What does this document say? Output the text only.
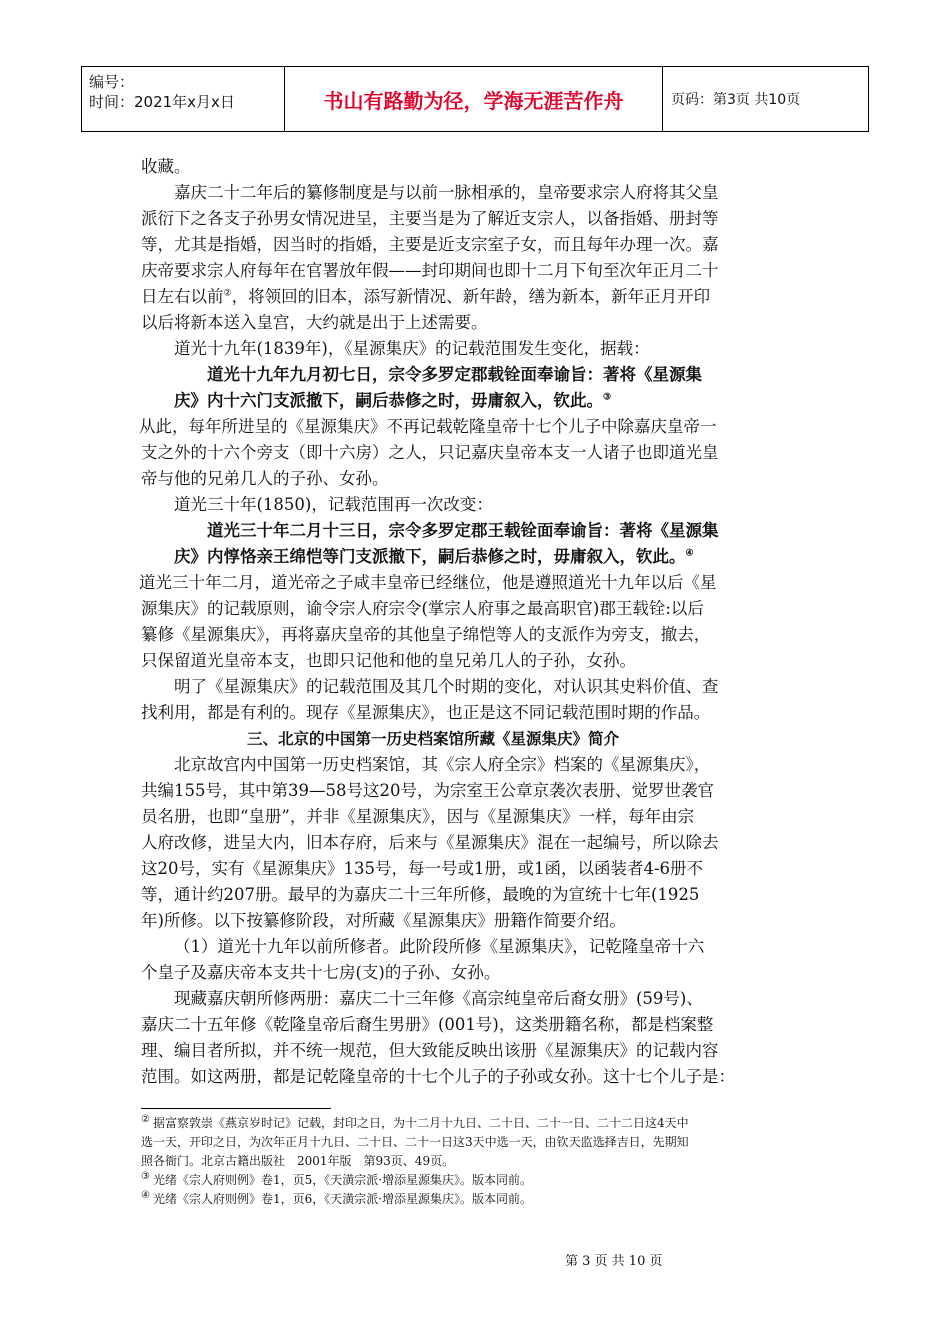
编号：
时间：2021年x月x日	书山有路勤为径，学海无涯苦作舟	页码：第3页 共10页
收藏。
嘉庆二十二年后的纂修制度是与以前一脉相承的，皇帝要求宗人府将其父皇
派衍下之各支子孙男女情况进呈，主要当是为了解近支宗人，以备指婚、册封等
等，尤其是指婚，因当时的指婚，主要是近支宗室子女，而且每年办理一次。嘉
庆帝要求宗人府每年在官署放年假——封印期间也即十二月下旬至次年正月二十
日左右以前②，将领回的旧本，添写新情况、新年龄，缮为新本，新年正月开印
以后将新本送入皇宫，大约就是出于上述需要。
道光十九年(1839年)，《星源集庆》的记载范围发生变化，据载：
道光十九年九月初七日，宗令多罗定郡载铨面奉谕旨：著将《星源集
庆》内十六门支派撤下，嗣后恭修之时，毋庸叙入，钦此。③
从此，每年所进呈的《星源集庆》不再记载乾隆皇帝十七个儿子中除嘉庆皇帝一
支之外的十六个旁支（即十六房）之人，只记嘉庆皇帝本支一人诸子也即道光皇
帝与他的兄弟几人的子孙、女孙。
道光三十年(1850)，记载范围再一次改变：
道光三十年二月十三日，宗令多罗定郡王载铨面奉谕旨：著将《星源集
庆》内惇恪亲王绵恺等门支派撤下，嗣后恭修之时，毋庸叙入，钦此。④
道光三十年二月，道光帝之子咸丰皇帝已经继位，他是遵照道光十九年以后《星
源集庆》的记载原则，谕令宗人府宗令(掌宗人府事之最高职官)郡王载铨:以后
纂修《星源集庆》，再将嘉庆皇帝的其他皇子绵恺等人的支派作为旁支，撤去，
只保留道光皇帝本支，也即只记他和他的皇兄弟几人的子孙，女孙。
明了《星源集庆》的记载范围及其几个时期的变化，对认识其史料价值、查
找利用，都是有利的。现存《星源集庆》，也正是这不同记载范围时期的作品。
三、北京的中国第一历史档案馆所藏《星源集庆》简介
北京故宫内中国第一历史档案馆，其《宗人府全宗》档案的《星源集庆》，
共编155号，其中第39—58号这20号，为宗室王公章京袭次表册、觉罗世袭官
员名册，也即“皇册”，并非《星源集庆》，因与《星源集庆》一样，每年由宗
人府改修，进呈大内，旧本存府，后来与《星源集庆》混在一起编号，所以除去
这20号，实有《星源集庆》135号，每一号或1册，或1函，以函装者4-6册不
等，通计约207册。最早的为嘉庆二十三年所修，最晚的为宣统十七年(1925
年)所修。以下按纂修阶段，对所藏《星源集庆》册籍作简要介绍。
（1）道光十九年以前所修者。此阶段所修《星源集庆》，记乾隆皇帝十六
个皇子及嘉庆帝本支共十七房(支)的子孙、女孙。
现藏嘉庆朝所修两册：嘉庆二十三年修《高宗纯皇帝后裔女册》(59号)、
嘉庆二十五年修《乾隆皇帝后裔生男册》(001号)，这类册籍名称，都是档案整
理、编目者所拟，并不统一规范，但大致能反映出该册《星源集庆》的记载内容
范围。如这两册，都是记乾隆皇帝的十七个儿子的子孙或女孙。这十七个儿子是：
② 据富察敦崇《燕京岁时记》记载，封印之日，为十二月十九日、二十日、二十一日、二十二日这4天中
选一天，开印之日，为次年正月十九日、二十日、二十一日这3天中选一天，由钦天监选择吉日，先期知
照各衙门。北京古籍出版社　2001年版　第93页、49页。
③ 光绪《宗人府则例》卷1，页5，《天潢宗派·增添星源集庆》。版本同前。
④ 光绪《宗人府则例》卷1，页6，《天潢宗派·增添星源集庆》。版本同前。
第 3 页 共 10 页
